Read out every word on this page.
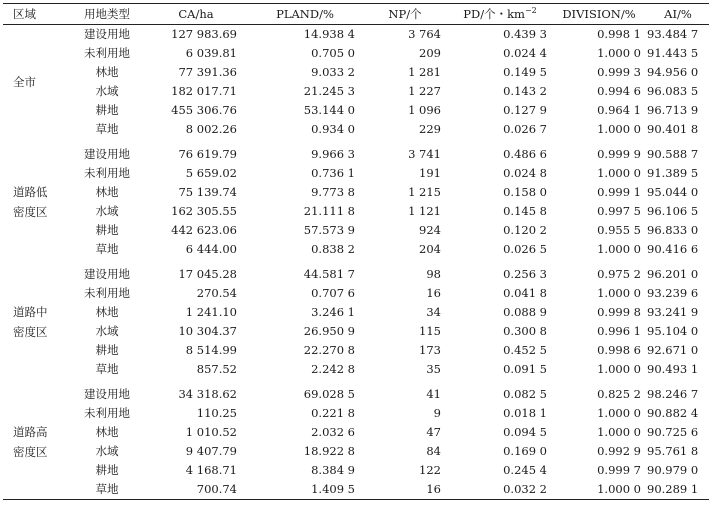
区域	用地类型	CA/ha	PLAND/%	NP/个	PD/个・$km^{-2}$	DIVISION/%	AI/%

全市	建设用地	127 983.69	14.938 4	3 764	0.439 3	0.998 1	93.484 7
	未利用地	6 039.81	0.705 0	209	0.024 4	1.000 0	91.443 5
	林地	77 391.36	9.033 2	1 281	0.149 5	0.999 3	94.956 0
	水域	182 017.71	21.245 3	1 227	0.143 2	0.994 6	96.083 5
	耕地	455 306.76	53.144 0	1 096	0.127 9	0.964 1	96.713 9
	草地	8 002.26	0.934 0	229	0.026 7	1.000 0	90.401 8

道路低
密度区	建设用地	76 619.79	9.966 3	3 741	0.486 6	0.999 9	90.588 7
	未利用地	5 659.02	0.736 1	191	0.024 8	1.000 0	91.389 5
	林地	75 139.74	9.773 8	1 215	0.158 0	0.999 1	95.044 0
	水域	162 305.55	21.111 8	1 121	0.145 8	0.997 5	96.106 5
	耕地	442 623.06	57.573 9	924	0.120 2	0.955 5	96.833 0
	草地	6 444.00	0.838 2	204	0.026 5	1.000 0	90.416 6

道路中
密度区	建设用地	17 045.28	44.581 7	98	0.256 3	0.975 2	96.201 0
	未利用地	270.54	0.707 6	16	0.041 8	1.000 0	93.239 6
	林地	1 241.10	3.246 1	34	0.088 9	0.999 8	93.241 9
	水域	10 304.37	26.950 9	115	0.300 8	0.996 1	95.104 0
	耕地	8 514.99	22.270 8	173	0.452 5	0.998 6	92.671 0
	草地	857.52	2.242 8	35	0.091 5	1.000 0	90.493 1

道路高
密度区	建设用地	34 318.62	69.028 5	41	0.082 5	0.825 2	98.246 7
	未利用地	110.25	0.221 8	9	0.018 1	1.000 0	90.882 4
	林地	1 010.52	2.032 6	47	0.094 5	1.000 0	90.725 6
	水域	9 407.79	18.922 8	84	0.169 0	0.992 9	95.761 8
	耕地	4 168.71	8.384 9	122	0.245 4	0.999 7	90.979 0
	草地	700.74	1.409 5	16	0.032 2	1.000 0	90.289 1
